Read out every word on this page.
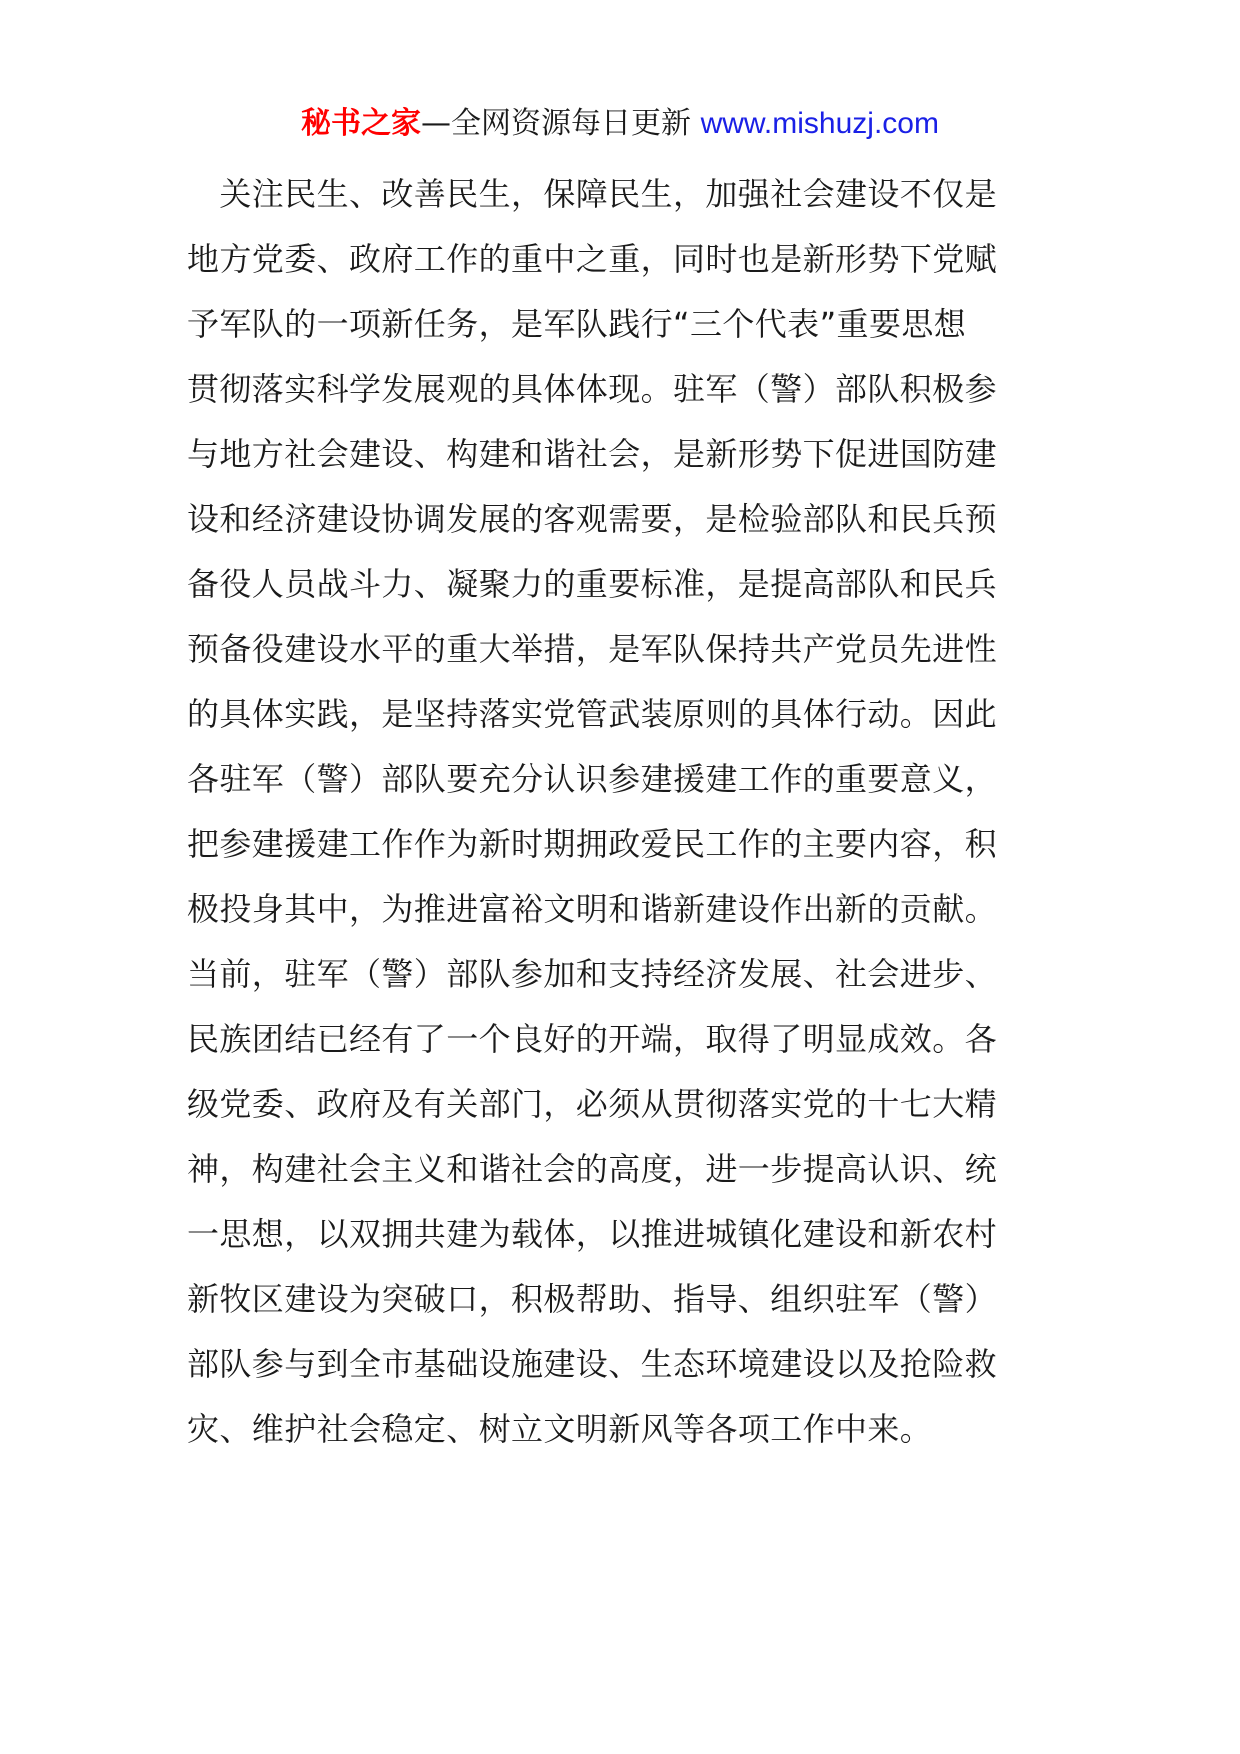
秘书之家—全网资源每日更新 www.mishuzj.com
　关注民生、改善民生，保障民生，加强社会建设不仅是
地方党委、政府工作的重中之重，同时也是新形势下党赋
予军队的一项新任务，是军队践行“三个代表”重要思想
贯彻落实科学发展观的具体体现。驻军（警）部队积极参
与地方社会建设、构建和谐社会，是新形势下促进国防建
设和经济建设协调发展的客观需要，是检验部队和民兵预
备役人员战斗力、凝聚力的重要标准，是提高部队和民兵
预备役建设水平的重大举措，是军队保持共产党员先进性
的具体实践，是坚持落实党管武装原则的具体行动。因此
各驻军（警）部队要充分认识参建援建工作的重要意义，
把参建援建工作作为新时期拥政爱民工作的主要内容，积
极投身其中，为推进富裕文明和谐新建设作出新的贡献。
当前，驻军（警）部队参加和支持经济发展、社会进步、
民族团结已经有了一个良好的开端，取得了明显成效。各
级党委、政府及有关部门，必须从贯彻落实党的十七大精
神，构建社会主义和谐社会的高度，进一步提高认识、统
一思想，以双拥共建为载体，以推进城镇化建设和新农村
新牧区建设为突破口，积极帮助、指导、组织驻军（警）
部队参与到全市基础设施建设、生态环境建设以及抢险救
灾、维护社会稳定、树立文明新风等各项工作中来。
